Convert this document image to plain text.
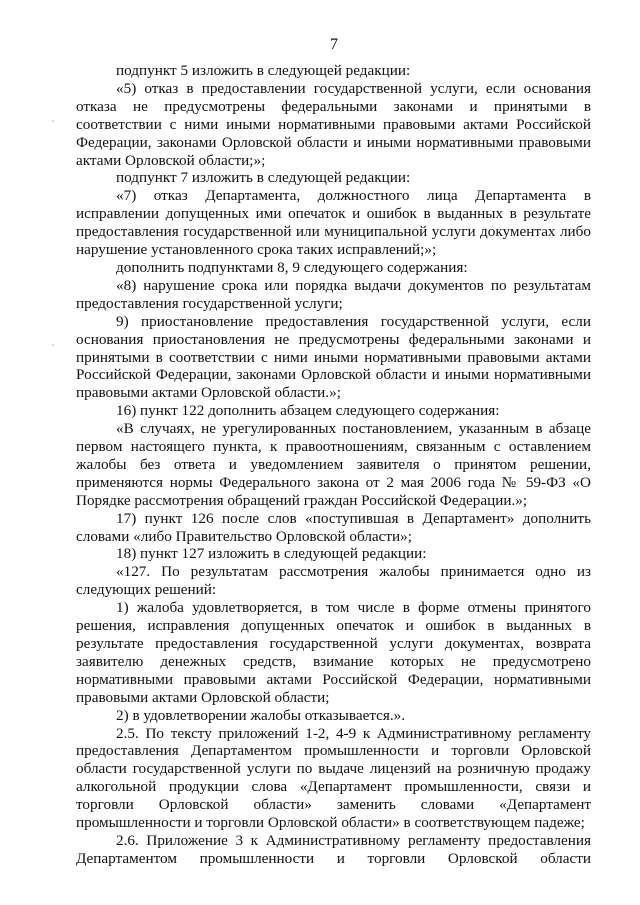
7

подпункт 5 изложить в следующей редакции:

«5) отказ в предоставлении государственной услуги, если основания отказа не предусмотрены федеральными законами и принятыми в соответствии с ними иными нормативными правовыми актами Российской Федерации, законами Орловской области и иными нормативными правовыми актами Орловской области;»;

подпункт 7 изложить в следующей редакции:

«7) отказ Департамента, должностного лица Департамента в исправлении допущенных ими опечаток и ошибок в выданных в результате предоставления государственной или муниципальной услуги документах либо нарушение установленного срока таких исправлений;»;

дополнить подпунктами 8, 9 следующего содержания:

«8) нарушение срока или порядка выдачи документов по результатам предоставления государственной услуги;

9) приостановление предоставления государственной услуги, если основания приостановления не предусмотрены федеральными законами и принятыми в соответствии с ними иными нормативными правовыми актами Российской Федерации, законами Орловской области и иными нормативными правовыми актами Орловской области.»;

16) пункт 122 дополнить абзацем следующего содержания:

«В случаях, не урегулированных постановлением, указанным в абзаце первом настоящего пункта, к правоотношениям, связанным с оставлением жалобы без ответа и уведомлением заявителя о принятом решении, применяются нормы Федерального закона от 2 мая 2006 года № 59-ФЗ «О Порядке рассмотрения обращений граждан Российской Федерации.»;

17) пункт 126 после слов «поступившая в Департамент» дополнить словами «либо Правительство Орловской области»;

18) пункт 127 изложить в следующей редакции:

«127. По результатам рассмотрения жалобы принимается одно из следующих решений:

1) жалоба удовлетворяется, в том числе в форме отмены принятого решения, исправления допущенных опечаток и ошибок в выданных в результате предоставления государственной услуги документах, возврата заявителю денежных средств, взимание которых не предусмотрено нормативными правовыми актами Российской Федерации, нормативными правовыми актами Орловской области;

2) в удовлетворении жалобы отказывается.».

2.5. По тексту приложений 1-2, 4-9 к Административному регламенту предоставления Департаментом промышленности и торговли Орловской области государственной услуги по выдаче лицензий на розничную продажу алкогольной продукции слова «Департамент промышленности, связи и торговли Орловской области» заменить словами «Департамент промышленности и торговли Орловской области» в соответствующем падеже;

2.6. Приложение 3 к Административному регламенту предоставления Департаментом промышленности и торговли Орловской области
